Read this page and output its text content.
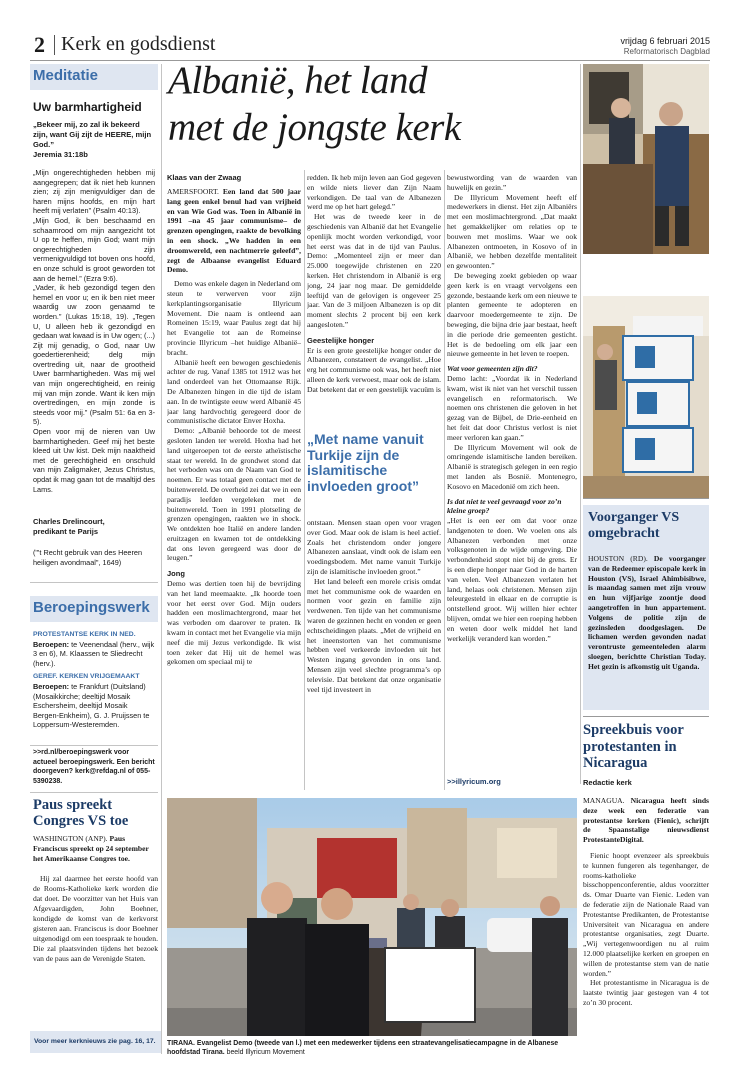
2 Kerk en godsdienst	vrijdag 6 februari 2015
Reformatorisch Dagblad
Meditatie
Uw barmhartigheid
„Bekeer mij, zo zal ik bekeerd zijn, want Gij zijt de HEERE, mijn God.”
Jeremia 31:18b

„Mijn ongerechtigheden hebben mij aangegrepen; dat ik niet heb kunnen zien; zij zijn menigvuldiger dan de haren mijns hoofds, en mijn hart heeft mij verlaten” (Psalm 40:13).

„Mijn God, ik ben beschaamd en schaamrood om mijn aangezicht tot U op te heffen, mijn God; want mijn ongerechtigheden zijn vermenigvuldigd tot boven ons hoofd, en onze schuld is groot geworden tot aan de hemel.” (Ezra 9:6).

„Vader, ik heb gezondigd tegen den hemel en voor u; en ik ben niet meer waardig uw zoon genaamd te worden.” (Lukas 15:18, 19). „Tegen U, U alleen heb ik gezondigd en gedaan wat kwaad is in Uw ogen; (...) Zijt mij genadig, o God, naar Uw goedertierenheid; delg mijn overtreding uit, naar de grootheid Uwer barmhartigheden. Was mij wel van mijn ongerechtigheid, en reinig mij van mijn zonde. Want ik ken mijn overtredingen, en mijn zonde is steeds voor mij.” (Psalm 51: 6a en 3-5).

Open voor mij de nieren van Uw barmhartigheden. Geef mij het beste kleed uit Uw kist. Dek mijn naaktheid met de gerechtigheid en onschuld van mijn Zaligmaker, Jezus Christus, opdat ik mag gaan tot de maaltijd des Lams.

Charles Drelincourt,
predikant te Parijs
("'t Recht gebruik van des Heeren heiligen avondmaal", 1649)
Beroepingswerk
PROTESTANTSE KERK IN NED.
Beroepen: te Veenendaal (herv., wijk 3 en 6), M. Klaassen te Sliedrecht (herv.).
GEREF. KERKEN VRIJGEMAAKT
Beroepen: te Frankfurt (Duitsland) (Mosaikkirche; deeltijd Mosaik Eschersheim, deeltijd Mosaik Bergen-Enkheim), G. J. Pruijssen te Loppersum-Westeremden.
>>rd.nl/beroepingswerk voor actueel beroepingswerk. Een bericht doorgeven? kerk@refdag.nl of 055-5390238.
Paus spreekt Congres VS toe
WASHINGTON (ANP). Paus Franciscus spreekt op 24 september het Amerikaanse Congres toe.
Hij zal daarmee het eerste hoofd van de Rooms-Katholieke kerk worden die dat doet. De voorzitter van het Huis van Afgevaardigden, John Boehner, kondigde de komst van de kerkvorst gisteren aan. Franciscus is door Boehner uitgenodigd om een toespraak te houden. Die zal plaatsvinden tijdens het bezoek van de paus aan de Verenigde Staten.
Voor meer kerknieuws zie pag. 16, 17.
Albanië, het land
met de jongste kerk
Klaas van der Zwaag

AMERSFOORT. Een land dat 500 jaar lang geen enkel benul had van vrijheid en van Wie God was. Toen in Albanië in 1991 –na 45 jaar communisme– de grenzen opengingen, raakte de bevolking in een shock. „We hadden in een droomwereld, een nachtmerrie geleefd”, zegt de Albaanse evangelist Eduard Demo.

Demo was enkele dagen in Nederland om steun te verwerven voor zijn kerkplantingsorganisatie Illyricum Movement. Die naam is ontleend aan Romeinen 15:19, waar Paulus zegt dat hij het Evangelie tot aan de Romeinse provincie Illyricum –het huidige Albanië– bracht.

Albanië heeft een bewogen geschiedenis achter de rug. Vanaf 1385 tot 1912 was het land onderdeel van het Ottomaanse Rijk. De Albanezen hingen in die tijd de islam aan. In de twintigste eeuw werd Albanië 45 jaar lang hardvochtig geregeerd door de communistische dictator Enver Hoxha.

Demo: „Albanië behoorde tot de meest gesloten landen ter wereld. Hoxha had het land uitgeroepen tot de eerste atheïstische staat ter wereld. In de grondwet stond dat het verboden was om de Naam van God te noemen. Er was totaal geen contact met de buitenwereld. De overheid zei dat we in een paradijs leefden vergeleken met de buitenwereld. Toen in 1991 plotseling de grenzen opengingen, raakten we in shock. We ontdekten hoe Italië en andere landen eruitzagen en kwamen tot de ontdekking dat ons leven geregeerd was door de leugen.”

Jong

Demo was dertien toen hij de bevrijding van het land meemaakte. „Ik hoorde toen voor het eerst over God. Mijn ouders hadden een moslimachtergrond, maar het was verboden om daarover te praten. Ik kwam in contact met het Evangelie via mijn neef die mij Jezus verkondigde. Ik wist toen zeker dat Hij uit de hemel was gekomen om speciaal mij te

redden. Ik heb mijn leven aan God gegeven en wilde niets liever dan Zijn Naam verkondigen. De taal van de Albanezen werd me op het hart gelegd.”

Het was de tweede keer in de geschiedenis van Albanië dat het Evangelie openlijk mocht worden verkondigd, voor het eerst was dat in de tijd van Paulus. Demo: „Momenteel zijn er meer dan 25.000 toegewijde christenen en 220 kerken. Het christendom in Albanië is erg jong, 24 jaar nog maar. De gemiddelde leeftijd van de gelovigen is ongeveer 25 jaar. Van de 3 miljoen Albanezen is op dit moment slechts 2 procent bij een kerk aangesloten.”

Geestelijke honger

Er is een grote geestelijke honger onder de Albanezen, constateert de evangelist. „Hoe erg het communisme ook was, het heeft niet alleen de kerk verwoest, maar ook de islam. Dat betekent dat er een geestelijk vacuüm is

„Met name vanuit Turkije zijn de islamitische invloeden groot”

ontstaan. Mensen staan open voor vragen over God. Maar ook de islam is heel actief. Zoals het christendom onder jongere Albanezen aanslaat, vindt ook de islam een voedingsbodem. Met name vanuit Turkije zijn de islamitische invloeden groot.”

Het land beleeft een morele crisis omdat met het communisme ook de waarden en normen voor gezin en familie zijn verdwenen. Ten tijde van het communisme waren de gezinnen hecht en vonden er geen echtscheidingen plaats. „Met de vrijheid en het ineenstorten van het communisme hebben veel verkeerde invloeden uit het Westen ingang gevonden in ons land. Mensen zijn veel slechte programma’s op televisie. Dat betekent dat onze organisatie veel tijd investeert in

bewustwording van de waarden van huwelijk en gezin.”

De Illyricum Movement heeft elf medewerkers in dienst. Het zijn Albaniërs met een moslimachtergrond. „Dat maakt het gemakkelijker om relaties op te bouwen met moslims. Waar we ook Albanezen ontmoeten, in Kosovo of in Albanië, we hebben dezelfde mentaliteit en gewoonten.”

De beweging zoekt gebieden op waar geen kerk is en vraagt vervolgens een gezonde, bestaande kerk om een nieuwe te planten gemeente te adopteren en daarvoor moedergemeente te zijn. De beweging, die bijna drie jaar bestaat, heeft in die periode drie gemeenten gesticht. Het is de bedoeling om elk jaar een nieuwe gemeente in het leven te roepen.

Wat voor gemeenten zijn dit?

Demo lacht: „Voordat ik in Nederland kwam, wist ik niet van het verschil tussen evangelisch en reformatorisch. We noemen ons christenen die geloven in het gezag van de Bijbel, de Drie-eenheid en het feit dat door Christus verlost is niet meer verloren kan gaan.”

De Illyricum Movement wil ook de omringende islamitische landen bereiken. Albanië is strategisch gelegen in een regio met landen als Bosnië. Montenegro, Kosovo en Macedonië om zich heen.

Is dat niet te veel gevraagd voor zo’n kleine groep?

„Het is een eer om dat voor onze landgenoten te doen. We voelen ons als Albanezen verbonden met onze volksgenoten in de wijde omgeving. Die verbondenheid stopt niet bij de grens. Er is een diepe honger naar God in de harten van velen. Veel Albanezen verlaten het land, helaas ook christenen. Mensen zijn teleurgesteld in elkaar en de corruptie is ontstellend groot. Wij willen hier echter blijven, omdat we hier een roeping hebben en weten door welk middel het land werkelijk veranderd kan worden.”

>>illyricum.org
TIRANA. Evangelist Demo (tweede van l.) met een medewerker tijdens een straatevangelisatiecampagne in de Albanese hoofdstad Tirana. beeld Illyricum Movement
Voorganger VS omgebracht
HOUSTON (RD). De voorganger van de Redeemer episcopale kerk in Houston (VS), Israel Ahimbisibwe, is maandag samen met zijn vrouw en hun vijfjarige zoontje dood aangetroffen in hun appartement. Volgens de politie zijn de gezinsleden doodgeslagen. De lichamen werden gevonden nadat verontruste gemeenteleden alarm sloegen, berichtte Christian Today. Het gezin is afkomstig uit Uganda.
Spreekbuis voor protestanten in Nicaragua
Redactie kerk

MANAGUA. Nicaragua heeft sinds deze week een federatie van protestantse kerken (Fienic), schrijft de Spaanstalige nieuwsdienst ProtestanteDigital.

Fienic hoopt evenzeer als spreekbuis te kunnen fungeren als tegenhanger, de rooms-katholieke bisschoppenconferentie, aldus voorzitter ds. Omar Duarte van Fienic. Leden van de federatie zijn de Nationale Raad van Protestantse Predikanten, de Protestantse Universiteit van Nicaragua en andere protestantse organisaties, zegt Duarte. „Wij vertegenwoordigen nu al ruim 12.000 plaatselijke kerken en groepen en willen de protestantse stem van de natie worden.”

Het protestantisme in Nicaragua is de laatste twintig jaar gestegen van 4 tot zo’n 30 procent.
